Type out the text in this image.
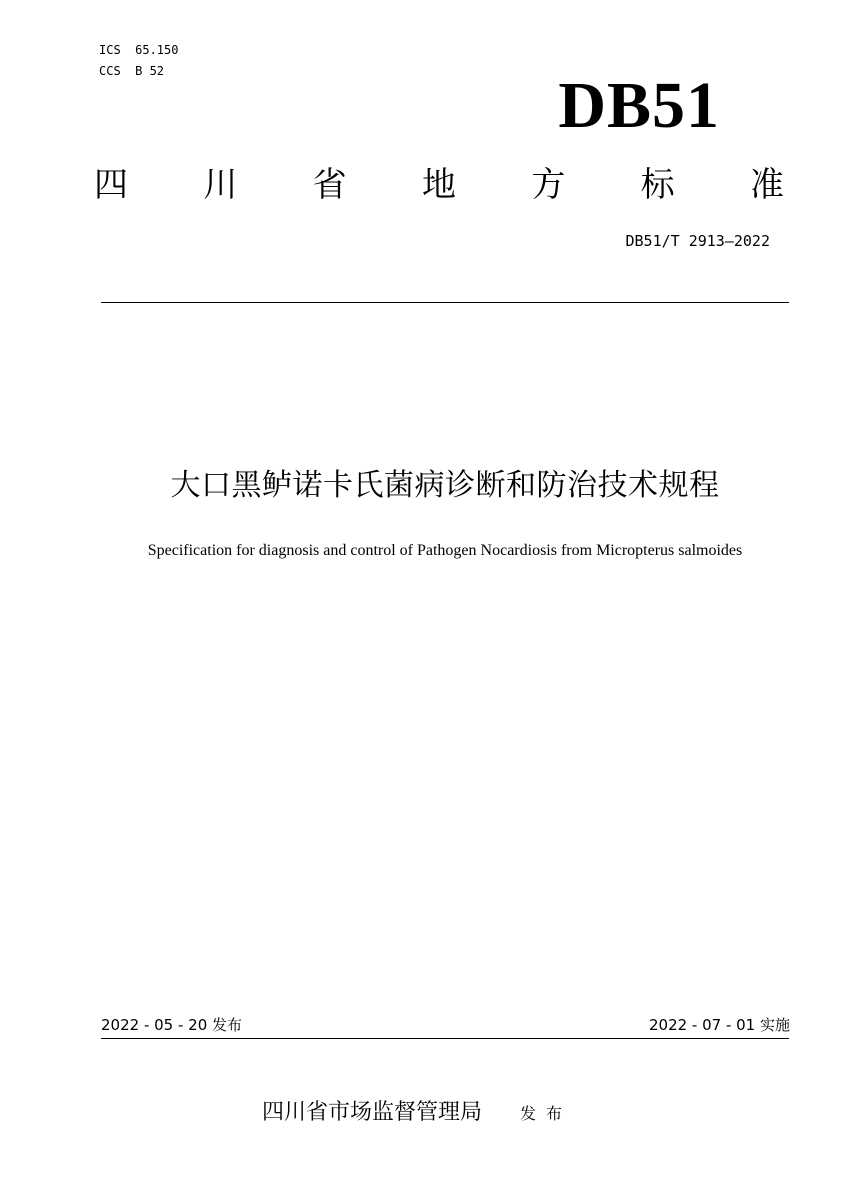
ICS  65.150
CCS  B 52	DB51
四 川 省 地 方 标 准
DB51/T 2913—2022
大口黑鲈诺卡氏菌病诊断和防治技术规程
Specification for diagnosis and control of Pathogen Nocardiosis from Micropterus salmoides
2022 - 05 - 20 发布	2022 - 07 - 01 实施
四川省市场监督管理局 发布
